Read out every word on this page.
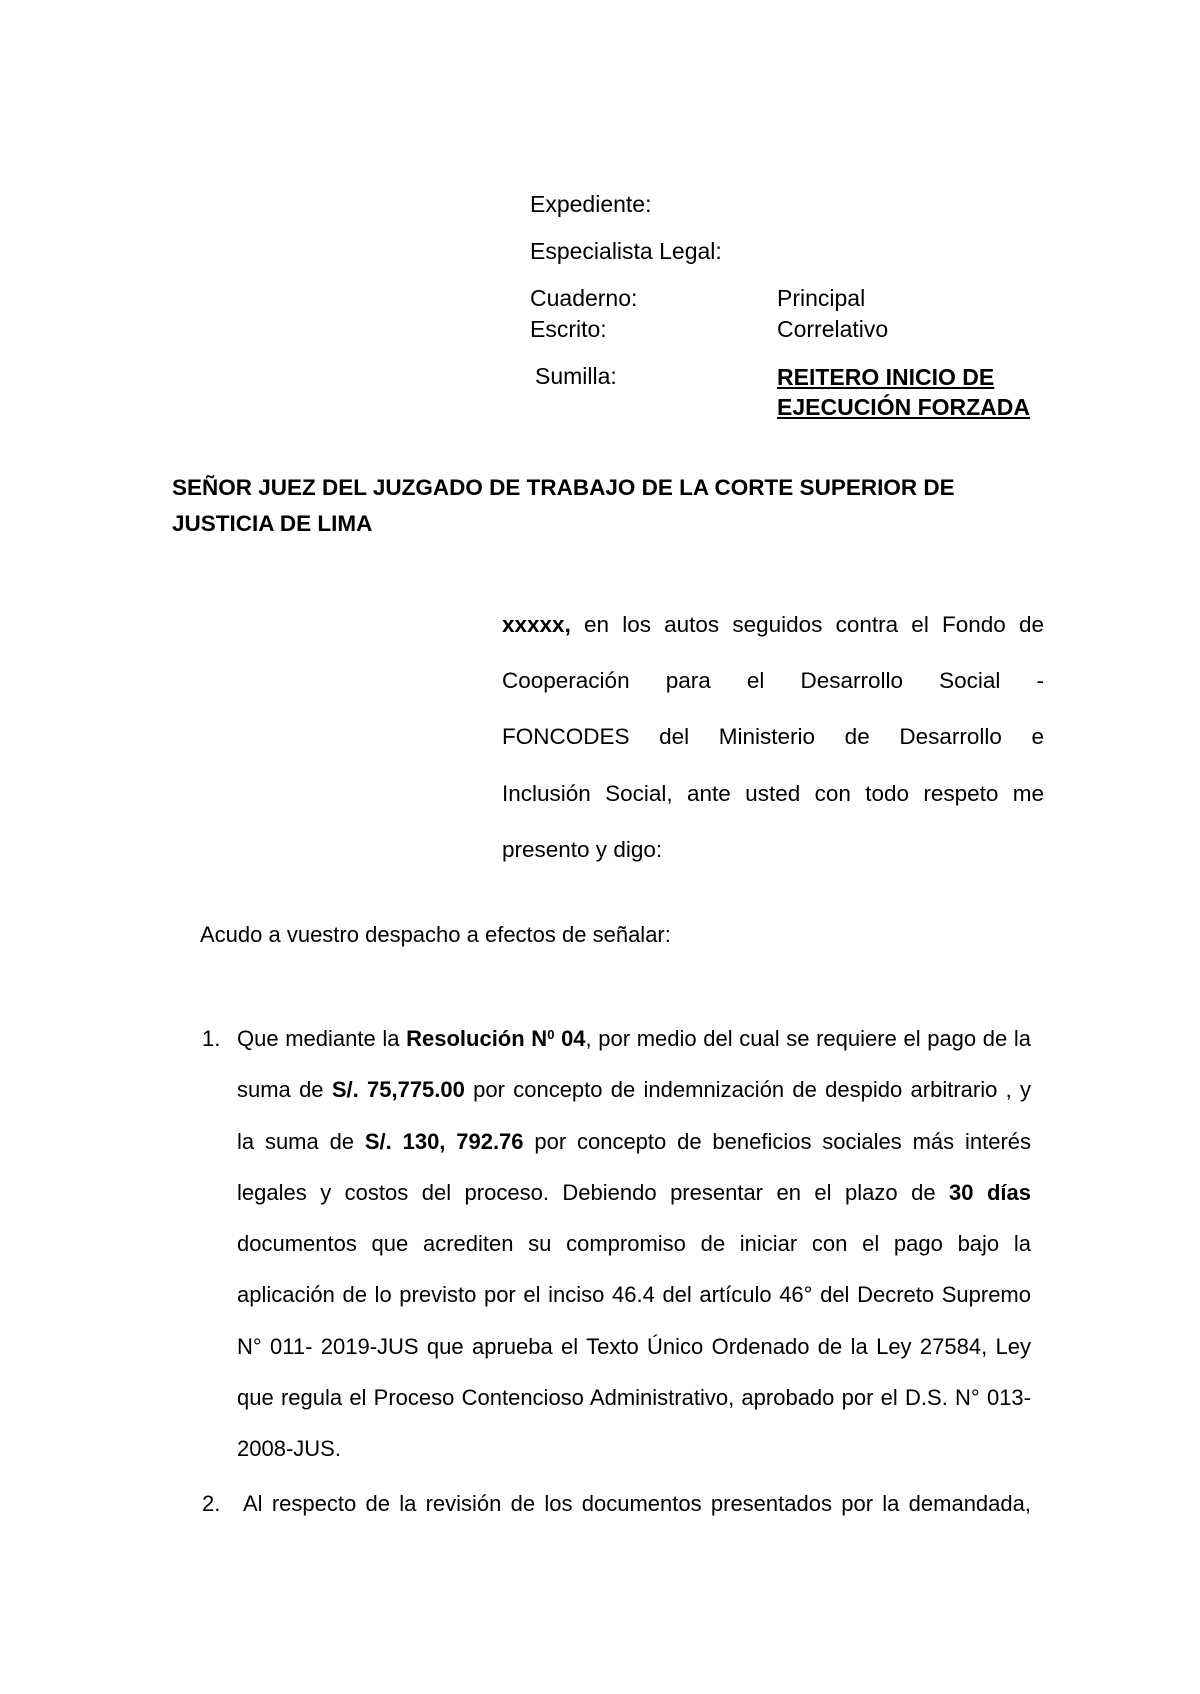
Expediente:
Especialista Legal:
Cuaderno:	Principal
Escrito:	Correlativo
Sumilla:	REITERO INICIO DE
EJECUCIÓN FORZADA
SEÑOR JUEZ DEL JUZGADO DE TRABAJO DE LA CORTE SUPERIOR DE
JUSTICIA DE LIMA
xxxxx, en los autos seguidos contra el Fondo de
Cooperación para el Desarrollo Social -
FONCODES del Ministerio de Desarrollo e
Inclusión Social, ante usted con todo respeto me
presento y digo:
Acudo a vuestro despacho a efectos de señalar:
1. Que mediante la Resolución $N^0$ 04, por medio del cual se requiere el pago de la
suma de S/. 75,775.00 por concepto de indemnización de despido arbitrario , y
la suma de S/. 130, 792.76 por concepto de beneficios sociales más interés
legales y costos del proceso. Debiendo presentar en el plazo de 30 días
documentos que acrediten su compromiso de iniciar con el pago bajo la
aplicación de lo previsto por el inciso 46.4 del artículo 46° del Decreto Supremo
N° 011- 2019-JUS que aprueba el Texto Único Ordenado de la Ley 27584, Ley
que regula el Proceso Contencioso Administrativo, aprobado por el D.S. N° 013-
2008-JUS.
2. Al respecto de la revisión de los documentos presentados por la demandada,
